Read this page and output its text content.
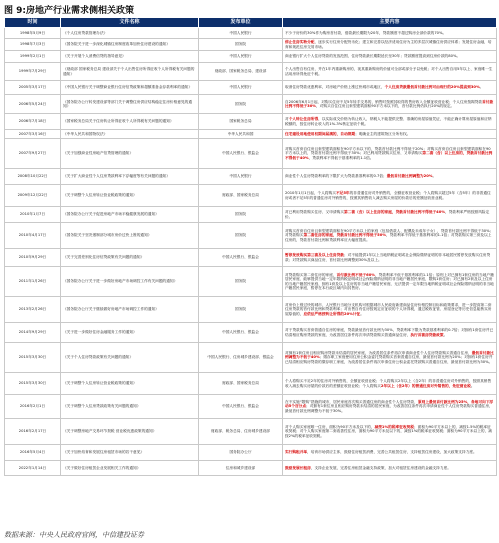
图 9:房地产行业需求侧相关政策
时间	文件名称	发布单位	主要内容
1998年5月9日	《个人住房贷款管理办法》	中国人民银行	不少于房价的30%作为购房首付款，借款最长期限为20年，贷款额度不超过购房全部价款的70%。
1998年7月3日	《国务院关于进一步深化城镇住房制度改革加快住房建设的通知》	国务院	停止住房实物分配，逐步实行住房分配货币化；建立和完善以经济适用住房为主的多层次城镇住房供应体系；发展住房金融，培育和规范住房交易市场。
1999年2月1日	《关于开展个人消费信贷的指导意见》	中国人民银行	商业银行扩大个人住房贷款的发放范围，住房贷款最长期限延长至30年；贷款额度提高到住房价款的80%。
1999年7月29日	《财政部 国家税务总局 建设部关于个人出售住房所得征收个人所得税有关问题的通知》	财政部、国家税务总局、建设部	个人出售自有住房，并在1年内重新购房的，视其重新购房的价值可全部或部分予以免税；对个人出售自用5年以上、家庭唯一生活用房所得免征个税。
2005年3月17日	《中国人民银行关于调整商业银行住房信贷政策和超额准备金存款利率的通知》	中国人民银行	取消住房贷款优惠利率，对房地产价格上涨过快城市或地区，个人住房贷款最低首付款比例可由现行的20%提高到30%。
2006年5月24日	《国务院办公厅转发建设部等部门关于调整住房供应结构稳定住房价格意见的通知》	国务院	自2006年6月1日起，对购买住房不足5年转手交易的，销售时按照其取得的售房收入全额征收营业税；个人住房按揭贷款首付款比例不得低于30%，对购买自住住房且套型建筑面积90平方米以下的，首付款比例仍执行20%的规定。
2006年7月18日	《国家税务总局关于住房转让所得征收个人所得税有关问题的通知》	国家税务总局	对个人转让住房所得，以实际成交价格为转让收入，纳税人不能提供完整、准确的房屋原值凭证，不能正确计算房屋原值和应纳税额的，按住房转让收入的1%-3%核定征收个税。
2007年3月16日	《中华人民共和国物权法》	中华人民共和国	住宅建设用地使用权期间届满的，自动续期；明确业主的建筑物区分所有权。
2007年9月27日	《关于加强商业性房地产信贷管理的通知》	中国人民银行、银监会	对购买首套自住房且套型建筑面积在90平方米以下的，贷款首付款比例不得低于20%；对购买首套自住房且套型建筑面积在90平方米以上的，贷款首付款比例不得低于30%；对已利用贷款购买住房、又申请购买第二套（含）以上住房的，贷款首付款比例不得低于40%，贷款利率不得低于基准利率的1.1倍。
2008年10月22日	《关于扩大商业性个人住房贷款利率下浮幅度等有关问题的通知》	中国人民银行	商业性个人住房贷款利率的下限扩大为贷款基准利率的0.7倍；最低首付款比例调整为20%。
2009年12月22日	《关于调整个人住房转让营业税政策的通知》	财政部、国家税务总局	2010年1月1日起，个人将购买不足5年的非普通住房对外销售的，全额征收营业税；个人将购买超过5年（含5年）的非普通住房或者不足5年的普通住房对外销售的，按照其销售收入减去购买房屋的价款后的差额征收营业税。
2010年1月7日	《国务院办公厅关于促进房地产市场平稳健康发展的通知》	国务院	对已利用贷款购买住房、又申请购买第二套（含）以上住房的家庭，贷款首付款比例不得低于40%，贷款利率严格按照风险定价。
2010年4月17日	《国务院关于坚决遏制部分城市房价过快上涨的通知》	国务院	对购买首套自住房且套型建筑面积在90平方米以上的家庭（包括借款人、配偶及未成年子女），贷款首付款比例不得低于30%；对贷款购买第二套住房的家庭，贷款首付款比例不得低于50%，贷款利率不得低于基准利率的1.1倍；对贷款购买第三套及以上住房的，贷款首付款比例和贷款利率应大幅度提高。
2010年9月29日	《关于完善差别化住房信贷政策有关问题的通知》	中国人民银行、银监会	暂停发放购买第三套及以上住房贷款；对不能提供1年以上当地纳税证明或社会保险缴纳证明的非本地居民暂停发放购买住房贷款；对贷款购买商品住房，首付款比例调整到30%及以上。
2011年1月26日	《国务院办公厅关于进一步做好房地产市场调控工作有关问题的通知》	国务院	对贷款购买第二套住房的家庭，首付款比例不低于60%，贷款利率不低于基准利率的1.1倍；原则上对已拥有1套住房的当地户籍居民家庭、能够提供当地一定年限纳税证明或社会保险缴纳证明的非当地户籍居民家庭，限购1套住房；对已拥有2套及以上住房的当地户籍居民家庭、拥有1套及以上住房的非当地户籍居民家庭、无法提供一定年限当地纳税证明或社会保险缴纳证明的非当地户籍居民家庭，暂停在本行政区域内向其售房。
2013年2月26日	《国务院办公厅关于继续做好房地产市场调控工作的通知》	国务院	对房价上涨过快的城市，人民银行当地分支机构可根据城市人民政府新建商品住房价格控制目标和政策要求，进一步提高第二套住房贷款的首付款比例和贷款利率；对出售自有住房按规定应征收的个人所得税，通过税收征管、房屋登记等历史信息能核实房屋原值的，应依法严格按转让所得的20%计征。
2014年9月29日	《关于进一步做好住房金融服务工作的通知》	中国人民银行、银监会	对于贷款购买首套普通自住房的家庭，贷款最低首付款比例为30%，贷款利率下限为贷款基准利率的0.7倍；对拥有1套住房并已结清相应购房贷款的家庭，为改善居住条件再次申请贷款购买普通商品住房，执行首套房贷款政策。
2015年3月30日	《关于个人住房贷款政策有关问题的通知》	中国人民银行、住房城乡建设部、银监会	对拥有1套住房且相应购房贷款未结清的居民家庭，为改善居住条件再次申请商业性个人住房贷款购买普通自住房，最低首付款比例调整为不低于40%；缴存职工家庭使用住房公积金委托贷款购买首套普通自住房，最低首付款比例为20%；对拥有1套住房并已结清相应购房贷款的缴存职工家庭，为改善居住条件再次申请住房公积金委托贷款购买普通自住房，最低首付款比例为30%。
2015年3月30日	《关于调整个人住房转让营业税政策的通知》	财政部、国家税务总局	个人将购买不足2年的住房对外销售的，全额征收营业税；个人将购买2年以上（含2年）的非普通住房对外销售的，按照其销售收入减去购买房屋的价款后的差额征收营业税；个人将购买2年以上（含2年）的普通住房对外销售的，免征营业税。
2016年2月1日	《关于调整个人住房贷款政策有关问题的通知》	中国人民银行、银监会	在不实施“限购”措施的城市，居民家庭首次购买普通住房的商业性个人住房贷款，原则上最低首付款比例为25%，各地可向下浮动5个百分点；对拥有1套住房且相应购房贷款未结清的居民家庭，为改善居住条件再次申请商业性个人住房贷款购买普通住房，最低首付款比例调整为不低于30%。
2016年2月17日	《关于调整房地产交易环节契税 营业税优惠政策的通知》	财政部、税务总局、住房城乡建设部	对个人购买家庭唯一住房，面积为90平方米及以下的，减按1%的税率征收契税；面积为90平方米以上的，减按1.5%的税率征收契税；对个人购买家庭第二套改善性住房，面积为90平方米及以下的，减按1%的税率征收契税；面积为90平方米以上的，减按2%的税率征收契税。
2016年5月4日	《关于加快培育和发展住房租赁市场的若干意见》	国务院办公厅	实行购租并举，培育市场供应主体，鼓励住房租赁消费，完善公共租赁住房，支持租赁住房建设，加大政策支持力度。
2022年1月14日	《关于做好住房租赁企业发展相关工作的通知》	住房和城乡建设部	鼓励发展长租房，支持企业发展，完善住房租赁金融支持政策，加大对租赁住房建设的金融支持力度。
数据来源：中央人民政府官网，中信建投证券
